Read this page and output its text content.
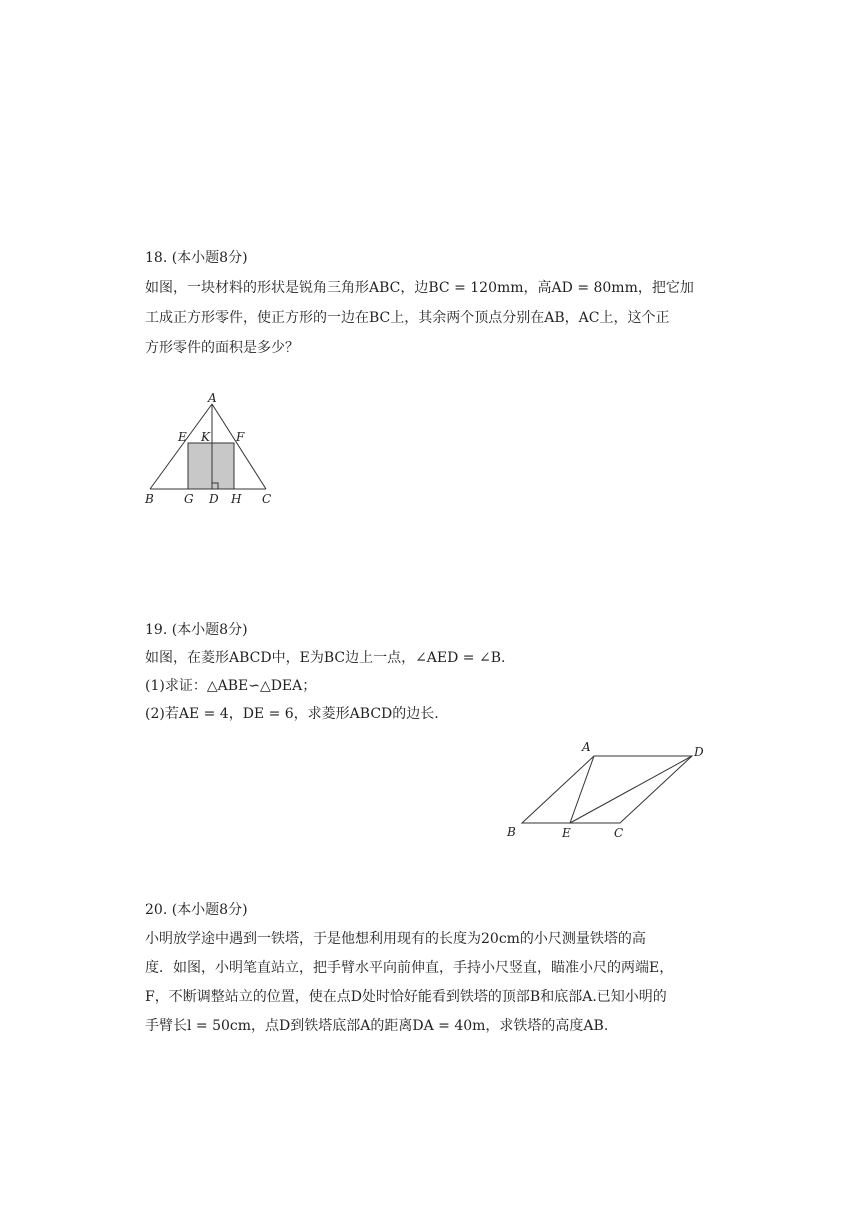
18. (本小题8分)
如图，一块材料的形状是锐角三角形ABC，边BC = 120mm，高AD = 80mm，把它加
工成正方形零件，使正方形的一边在BC上，其余两个顶点分别在AB，AC上，这个正
方形零件的面积是多少？
A
E K F
B	G D H C
19. (本小题8分)
如图，在菱形ABCD中，E为BC边上一点，∠AED = ∠B.
(1)求证：△ABE∽△DEA；
(2)若AE = 4，DE = 6，求菱形ABCD的边长.
A	D
B	E	C
20. (本小题8分)
小明放学途中遇到一铁塔，于是他想利用现有的长度为20cm的小尺测量铁塔的高
度．如图，小明笔直站立，把手臂水平向前伸直，手持小尺竖直，瞄准小尺的两端E，
F，不断调整站立的位置，使在点D处时恰好能看到铁塔的顶部B和底部A.已知小明的
手臂长l = 50cm，点D到铁塔底部A的距离DA = 40m，求铁塔的高度AB.
